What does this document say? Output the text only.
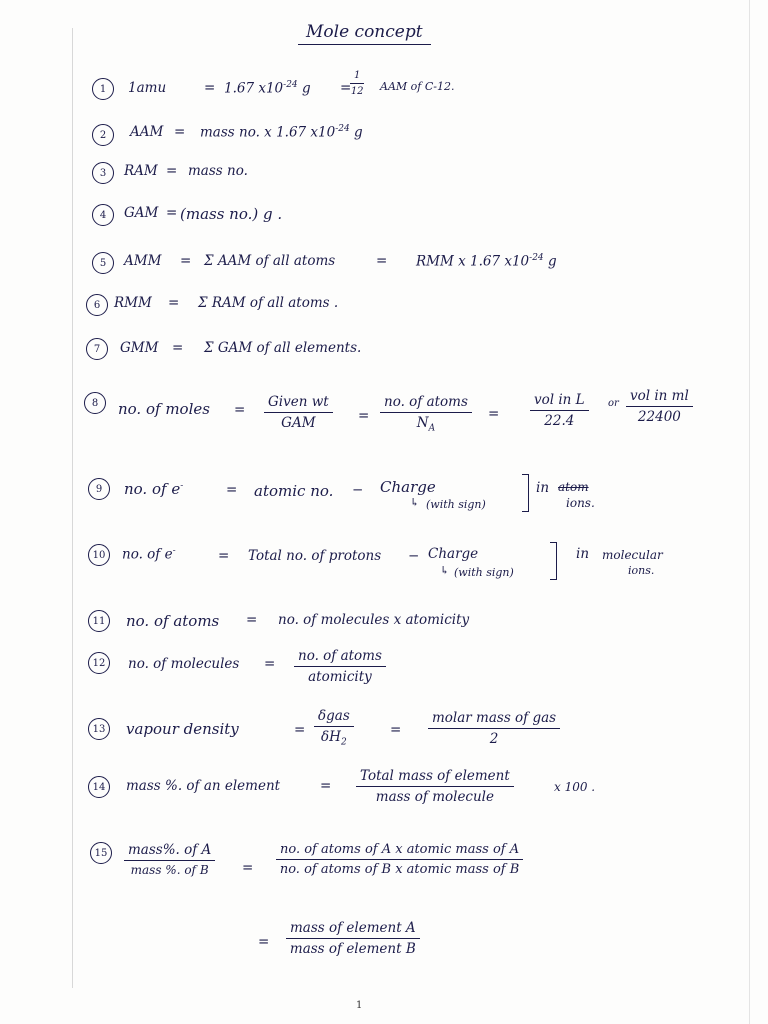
Mole concept
1	1amu	= 1.67 $x10^{-24}$ g =
$\frac{1}{12}$ AAM of C-12.
2	AAM = mass no. x 1.67 $x10^{-24}$ g
3	RAM = mass no.
4	GAM = (mass no.) g .
5	AMM = Σ AAM of all atoms	= RMM x 1.67 $x10^{-24}$ g
6	RMM = Σ RAM of all atoms .
7	GMM = Σ GAM of all elements.
8	no. of moles = Given wt
GAM	=
no. of atoms
$N_A$
=
vol in L
22.4
or vol in ml
22400
9	no. of e-	= atomic no. − Charge
↳ (with sign)
in atom
ions.
10	no. of e-	= Total no. of protons − Charge
↳ (with sign)
in molecular
ions.
11	no. of atoms = no. of molecules x atomicity
12	no. of molecules = no. of atoms
atomicity
13	vapour density	=
δgas
$\delta H_2$
=
molar mass of gas
2
14	mass %. of an element	=
Total mass of element
mass of molecule
x 100 .
15	mass%. of A
mass %. of B	=
no. of atoms of A x atomic mass of A
no. of atoms of B x atomic mass of B
=
mass of element A
mass of element B
1
